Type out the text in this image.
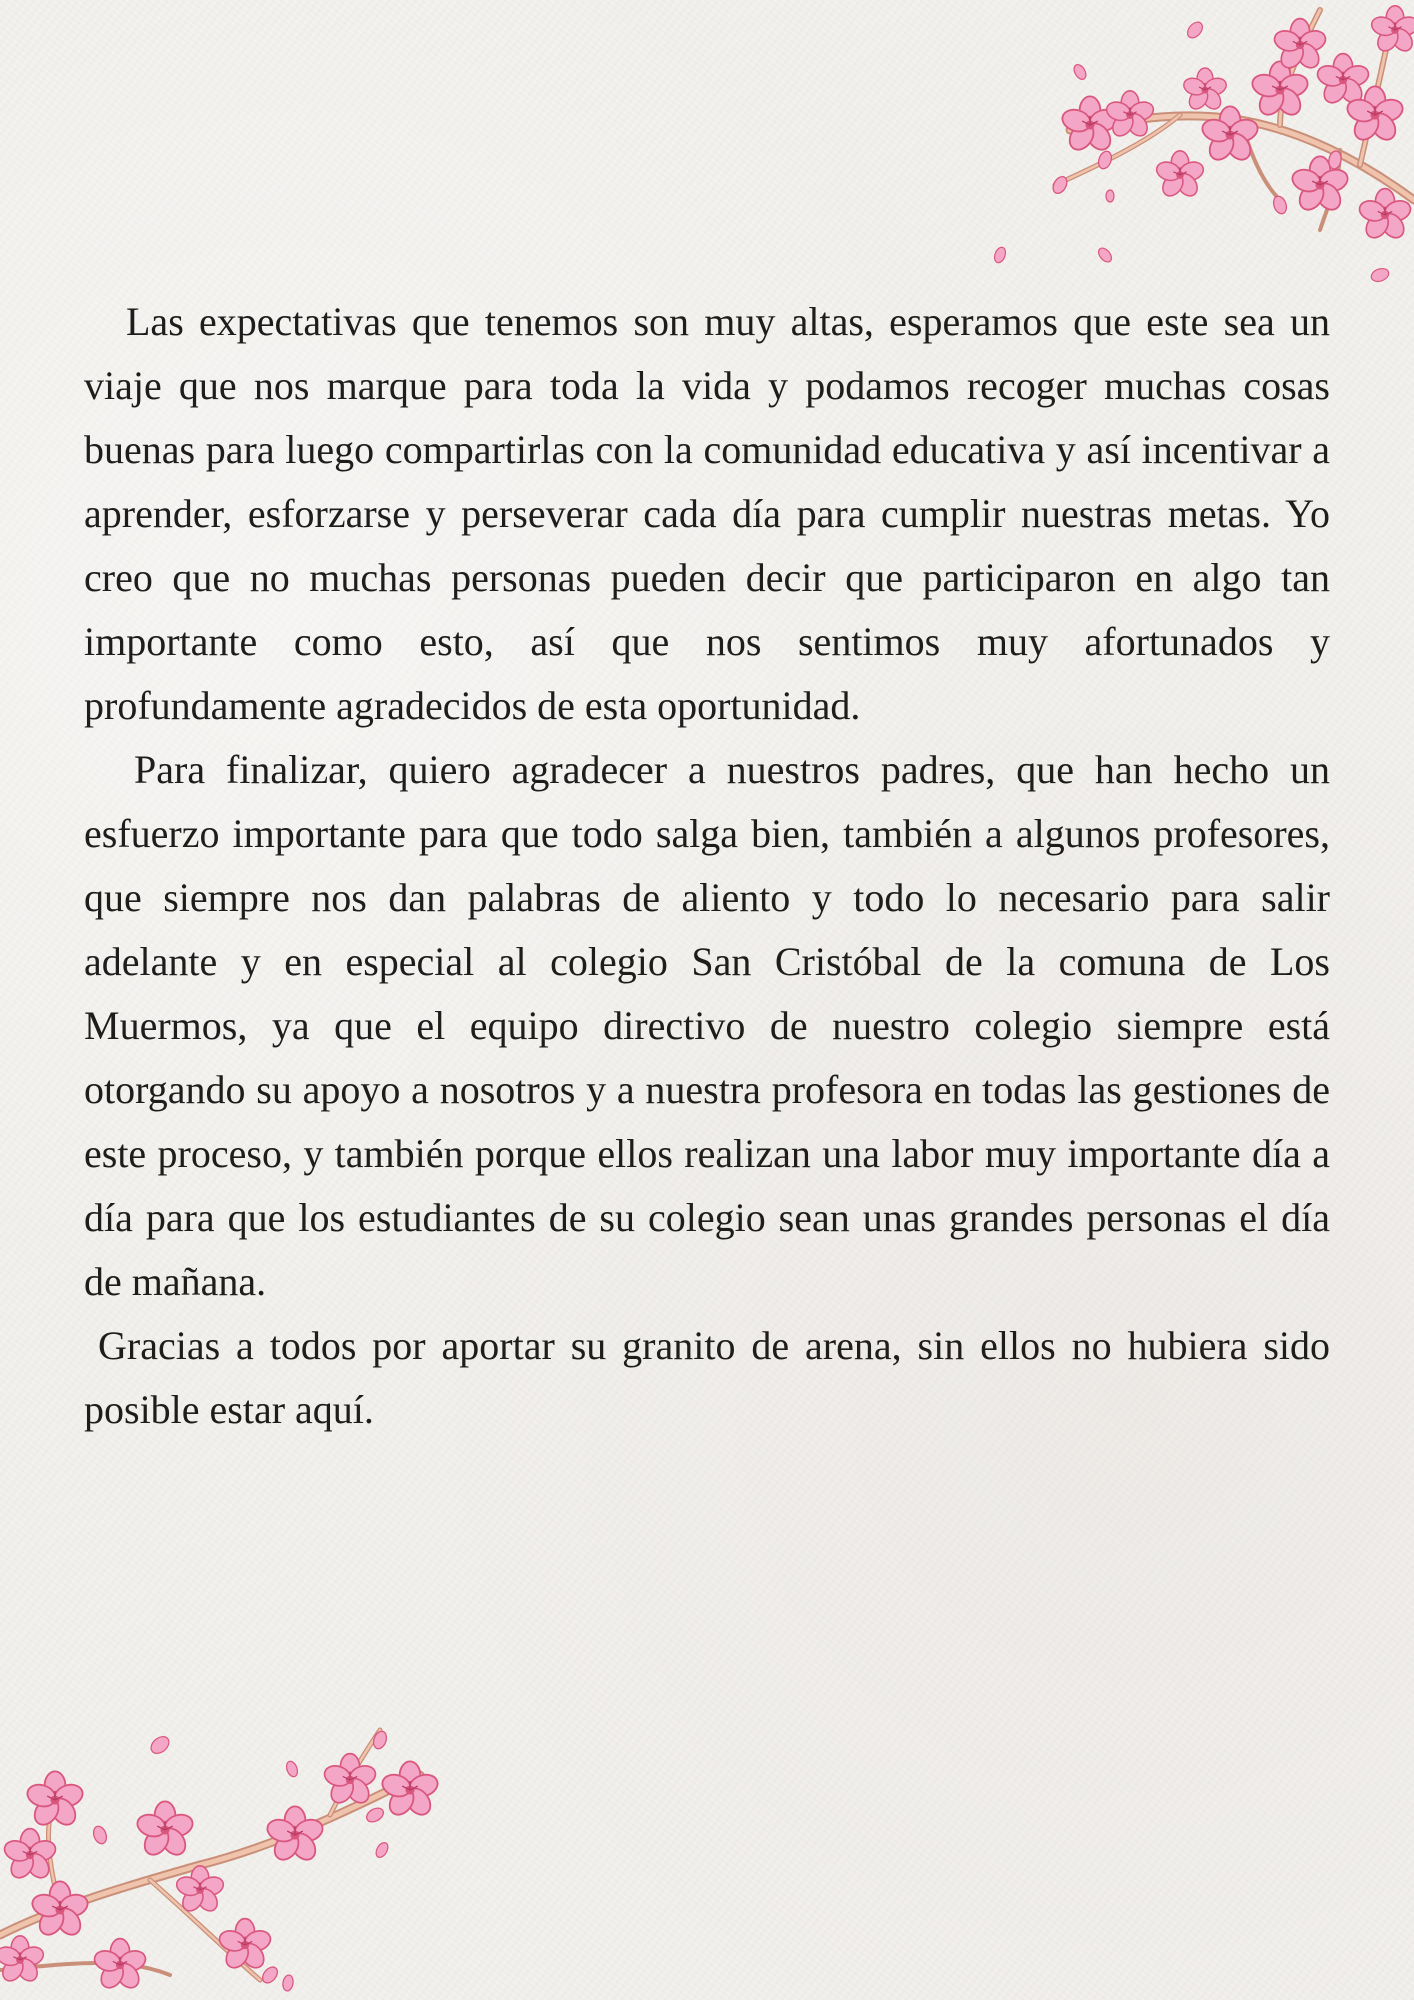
Las expectativas que tenemos son muy altas, esperamos que este sea un viaje que nos marque para toda la vida y podamos recoger muchas cosas buenas para luego compartirlas con la comunidad educativa y así incentivar a aprender, esforzarse y perseverar cada día para cumplir nuestras metas. Yo creo que no muchas personas pueden decir que participaron en algo tan importante como esto, así que nos sentimos muy afortunados y profundamente agradecidos de esta oportunidad.

Para finalizar, quiero agradecer a nuestros padres, que han hecho un esfuerzo importante para que todo salga bien, también a algunos profesores, que siempre nos dan palabras de aliento y todo lo necesario para salir adelante y en especial al colegio San Cristóbal de la comuna de Los Muermos, ya que el equipo directivo de nuestro colegio siempre está otorgando su apoyo a nosotros y a nuestra profesora en todas las gestiones de este proceso, y también porque ellos realizan una labor muy importante día a día para que los estudiantes de su colegio sean unas grandes personas el día de mañana.

Gracias a todos por aportar su granito de arena, sin ellos no hubiera sido posible estar aquí.
